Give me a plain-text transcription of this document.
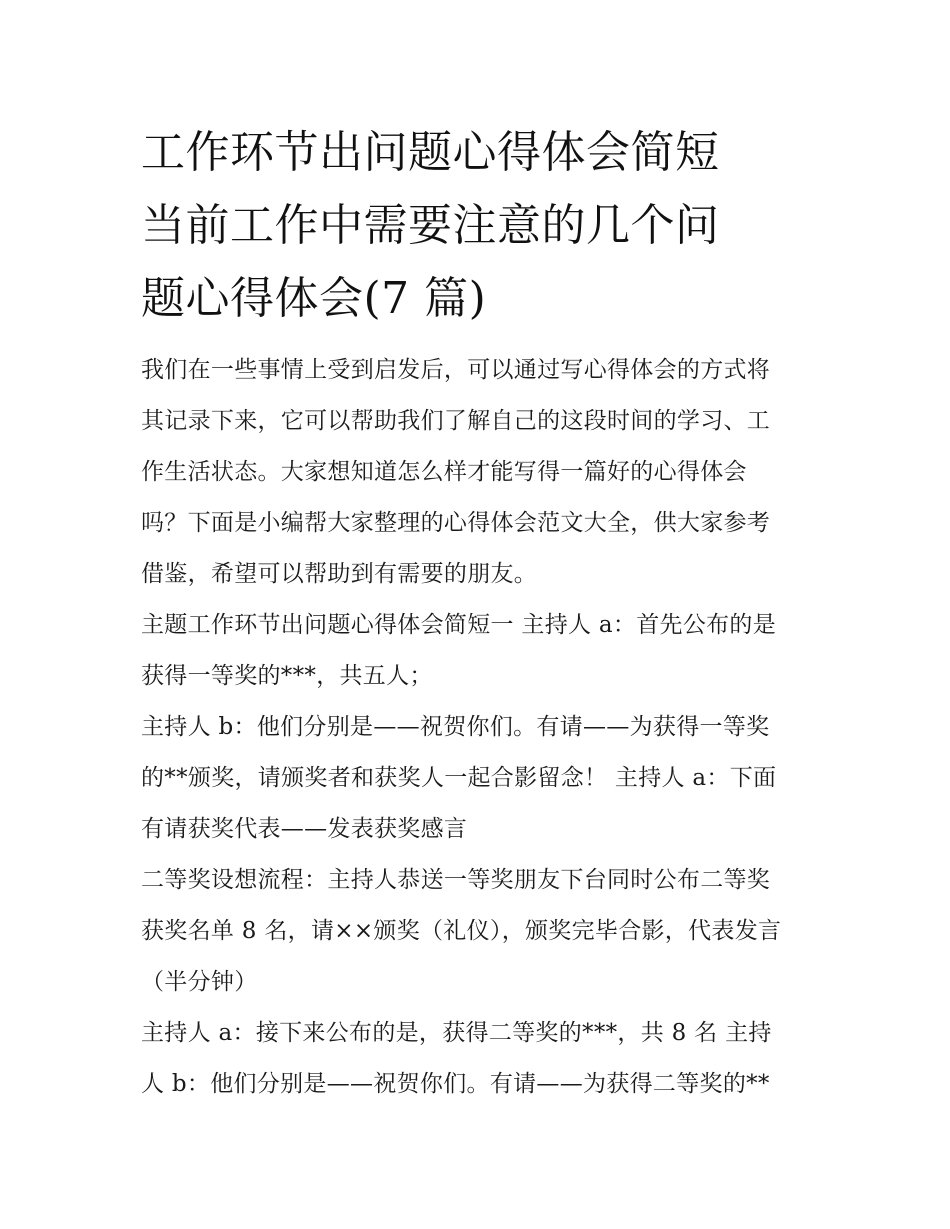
工作环节出问题心得体会简短
当前工作中需要注意的几个问
题心得体会(7 篇)

我们在一些事情上受到启发后，可以通过写心得体会的方式将
其记录下来，它可以帮助我们了解自己的这段时间的学习、工
作生活状态。大家想知道怎么样才能写得一篇好的心得体会
吗？下面是小编帮大家整理的心得体会范文大全，供大家参考
借鉴，希望可以帮助到有需要的朋友。

主题工作环节出问题心得体会简短一 主持人 a：首先公布的是
获得一等奖的***，共五人；

主持人 b：他们分别是——祝贺你们。有请——为获得一等奖
的**颁奖，请颁奖者和获奖人一起合影留念！ 主持人 a：下面
有请获奖代表——发表获奖感言

二等奖设想流程：主持人恭送一等奖朋友下台同时公布二等奖
获奖名单 8 名，请××颁奖（礼仪），颁奖完毕合影，代表发言
（半分钟）

主持人 a：接下来公布的是，获得二等奖的***，共 8 名 主持
人 b：他们分别是——祝贺你们。有请——为获得二等奖的**
